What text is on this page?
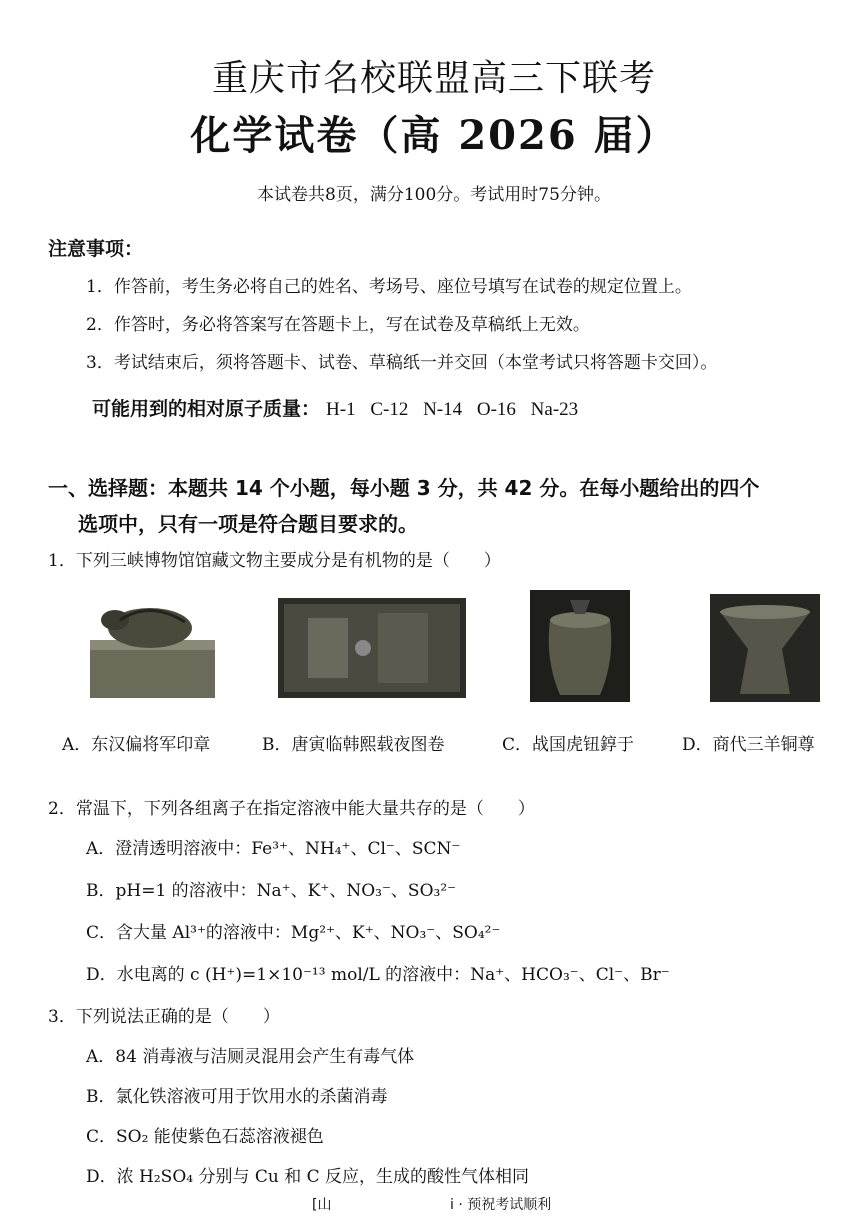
重庆市名校联盟高三下联考
化学试卷（高 2026 届）
本试卷共8页，满分100分。考试用时75分钟。
注意事项：
1．作答前，考生务必将自己的姓名、考场号、座位号填写在试卷的规定位置上。
2．作答时，务必将答案写在答题卡上，写在试卷及草稿纸上无效。
3．考试结束后，须将答题卡、试卷、草稿纸一并交回（本堂考试只将答题卡交回）。
可能用到的相对原子质量： H-1 C-12 N-14 O-16 Na-23
一、选择题：本题共 14 个小题，每小题 3 分，共 42 分。在每小题给出的四个
选项中，只有一项是符合题目要求的。
1．下列三峡博物馆馆藏文物主要成分是有机物的是（　　）
A．东汉偏将军印章	B．唐寅临韩熙载夜图卷	C．战国虎钮錞于	D．商代三羊铜尊
2．常温下，下列各组离子在指定溶液中能大量共存的是（　　）
A．澄清透明溶液中：Fe³⁺、NH₄⁺、Cl⁻、SCN⁻
B．pH=1 的溶液中：Na⁺、K⁺、NO₃⁻、SO₃²⁻
C．含大量 Al³⁺的溶液中：Mg²⁺、K⁺、NO₃⁻、SO₄²⁻
D．水电离的 c (H⁺)=1×10⁻¹³ mol/L 的溶液中：Na⁺、HCO₃⁻、Cl⁻、Br⁻
3．下列说法正确的是（　　）
A．84 消毒液与洁厕灵混用会产生有毒气体
B．氯化铁溶液可用于饮用水的杀菌消毒
C．SO₂ 能使紫色石蕊溶液褪色
D．浓 H₂SO₄ 分别与 Cu 和 C 反应，生成的酸性气体相同
[山	i · 预祝考试顺利
